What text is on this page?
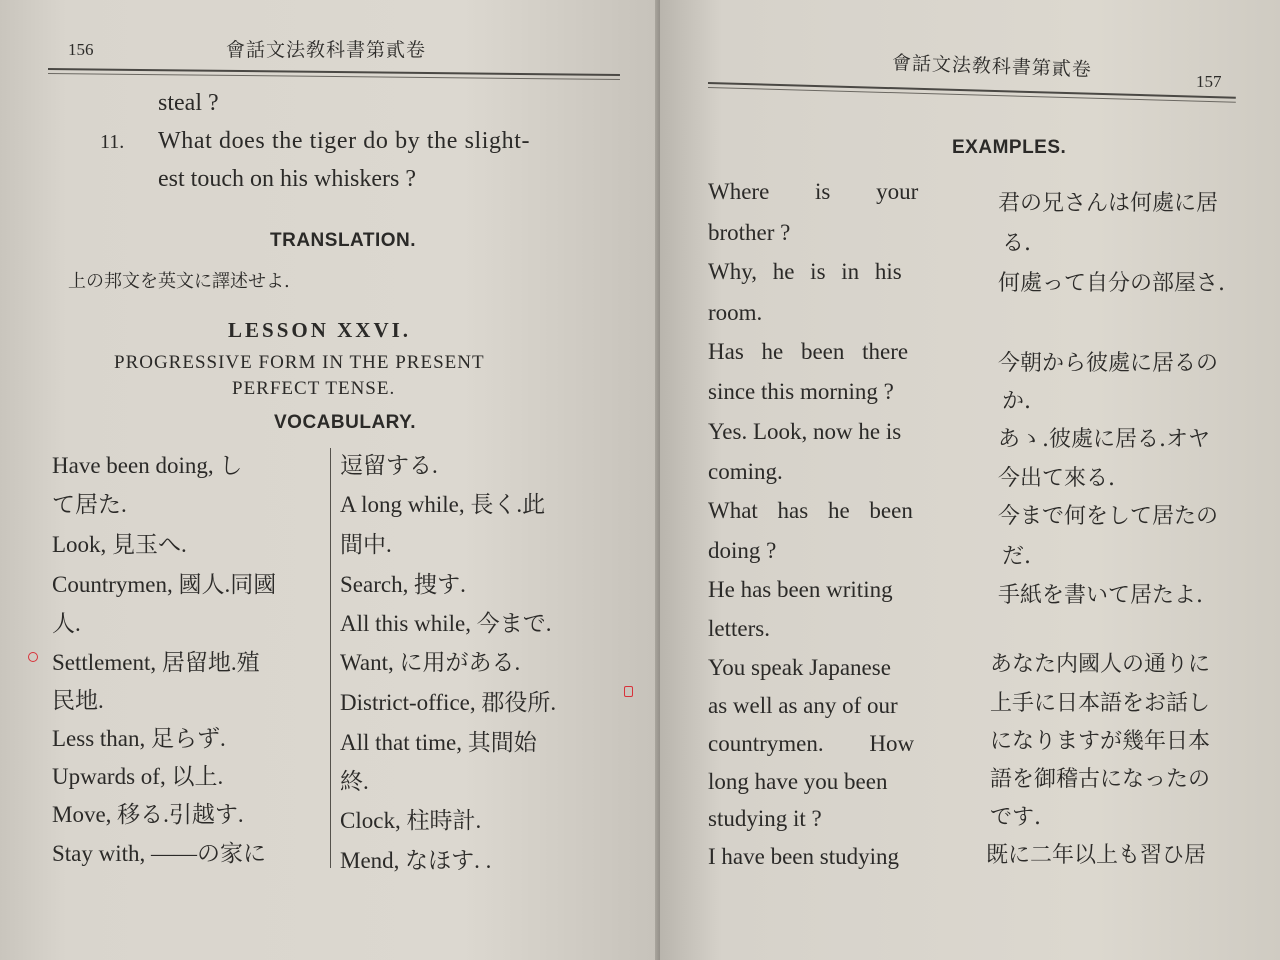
156	會話文法敎科書第貳卷
steal ?
11. What does the tiger do by the slight-
est touch on his whiskers ?
TRANSLATION.
上の邦文を英文に譯述せよ.
LESSON XXVI.
PROGRESSIVE FORM IN THE PRESENT
PERFECT TENSE.
VOCABULARY.
Have been doing, し
て居た.
Look, 見玉へ.
Countrymen, 國人.同國
人.
Settlement, 居留地.殖
民地.
Less than, 足らず.
Upwards of, 以上.
Move, 移る.引越す.
Stay with, ——の家に
逗留する.
A long while, 長く.此
間中.
Search, 捜す.
All this while, 今まで.
Want, に用がある.
District-office, 郡役所.
All that time, 其間始
終.
Clock, 柱時計.
Mend, なほす. .
會話文法敎科書第貳卷
157
EXAMPLES.
Where is your
brother ?
Why, he is in his
room.
Has he been there
since this morning ?
Yes. Look, now he is
coming.
What has he been
doing ?
He has been writing
letters.
You speak Japanese
as well as any of our
countrymen. How
long have you been
studying it ?
I have been studying
君の兄さんは何處に居
る.
何處って自分の部屋さ.
今朝から彼處に居るの
か.
あゝ.彼處に居る.オヤ
今出て來る.
今まで何をして居たの
だ.
手紙を書いて居たよ.
あなた内國人の通りに
上手に日本語をお話し
になりますが幾年日本
語を御稽古になったの
です.
既に二年以上も習ひ居
